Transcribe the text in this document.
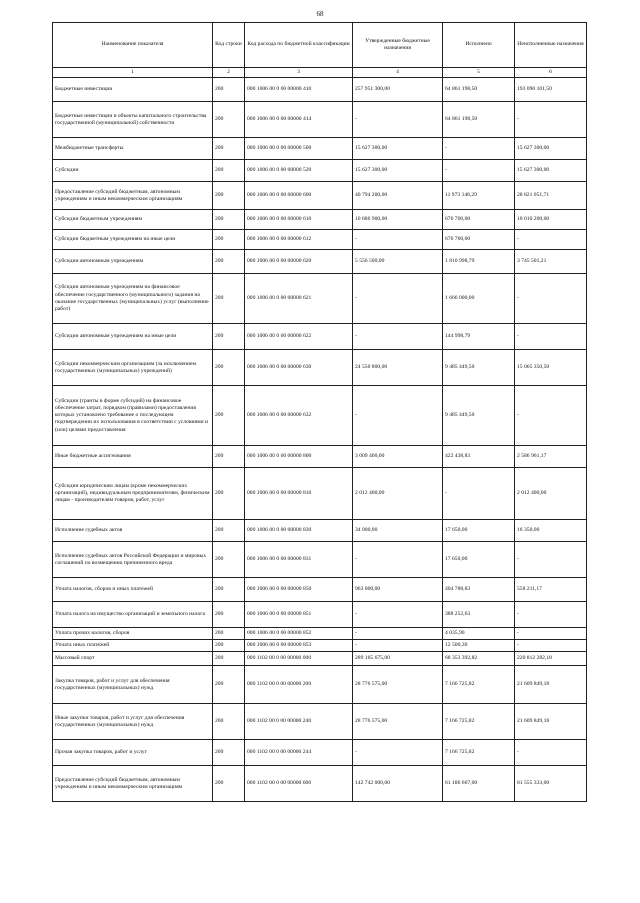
68
Наименование показателя	Код строки	Код расхода по бюджетной классификации	Утвержденные бюджетные назначения	Исполнено	Неисполненные назначения
1	2	3	4	5	6
Бюджетные инвестиции	200	000 1006 00 0 00 00000 410	257 951 300,00	64 861 198,50	193 090 101,50
Бюджетные инвестиции в объекты капитального строительства государственной (муниципальной) собственности	200	000 1006 00 0 00 00000 414	-	64 861 198,50	-
Межбюджетные трансферты	200	000 1006 00 0 00 00000 500	15 627 300,00	-	15 627 300,00
Субсидии	200	000 1006 00 0 00 00000 520	15 627 300,00	-	15 627 300,00
Предоставление субсидий бюджетным, автономным учреждениям и иным некоммерческим организациям	200	000 1006 00 0 00 00000 600	40 794 200,00	11 973 148,29	28 821 051,71
Субсидии бюджетным учреждениям	200	000 1006 00 0 00 00000 610	10 686 900,00	676 700,00	10 010 200,00
Субсидии бюджетным учреждениям на иные цели	200	000 1006 00 0 00 00000 612	-	676 700,00	-
Субсидии автономным учреждениям	200	000 1006 00 0 00 00000 620	5 556 500,00	1 810 998,79	3 745 501,21
Субсидии автономным учреждениям на финансовое обеспечение государственного (муниципального) задания на оказание государственных (муниципальных) услуг (выполнение работ)	200	000 1006 00 0 00 00000 621	-	1 666 000,00	-
Субсидии автономным учреждениям на иные цели	200	000 1006 00 0 00 00000 622	-	144 998,79	-
Субсидии некоммерческим организациям (за исключением государственных (муниципальных) учреждений)	200	000 1006 00 0 00 00000 630	24 550 800,00	9 485 449,50	15 065 350,50
Субсидии (гранты в форме субсидий) на финансовое обеспечение затрат, порядком (правилами) предоставления которых установлено требование о последующем подтверждении их использования в соответствии с условиями и (или) целями предоставления	200	000 1006 00 0 00 00000 632	-	9 485 449,50	-
Иные бюджетные ассигнования	200	000 1006 00 0 00 00000 800	3 009 400,00	422 438,83	2 586 961,17
Субсидии юридическим лицам (кроме некоммерческих организаций), индивидуальным предпринимателям, физическим лицам - производителям товаров, работ, услуг	200	000 1006 00 0 00 00000 810	2 012 400,00	-	2 012 400,00
Исполнение судебных актов	200	000 1006 00 0 00 00000 830	34 000,00	17 650,00	16 350,00
Исполнение судебных актов Российской Федерации и мировых соглашений по возмещению причиненного вреда	200	000 1006 00 0 00 00000 831	-	17 650,00	-
Уплата налогов, сборов и иных платежей	200	000 1006 00 0 00 00000 850	963 000,00	404 788,83	558 211,17
Уплата налога на имущество организаций и земельного налога	200	000 1006 00 0 00 00000 851	-	388 252,63	-
Уплата прочих налогов, сборов	200	000 1006 00 0 00 00000 852	-	4 035,90	-
Уплата иных платежей	200	000 1006 00 0 00 00000 853	-	12 500,30	-
Массовый спорт	200	000 1102 00 0 00 00000 000	289 165 675,00	68 353 392,82	220 812 282,18
Закупка товаров, работ и услуг для обеспечения государственных (муниципальных) нужд	200	000 1102 00 0 00 00000 200	28 776 575,00	7 166 725,82	21 609 849,18
Иные закупки товаров, работ и услуг для обеспечения государственных (муниципальных) нужд	200	000 1102 00 0 00 00000 240	28 776 575,00	7 166 725,82	21 609 849,18
Прочая закупка товаров, работ и услуг	200	000 1102 00 0 00 00000 244	-	7 166 725,82	-
Предоставление субсидий бюджетным, автономным учреждениям и иным некоммерческим организациям	200	000 1102 00 0 00 00000 600	142 742 000,00	61 186 667,00	81 555 333,00
